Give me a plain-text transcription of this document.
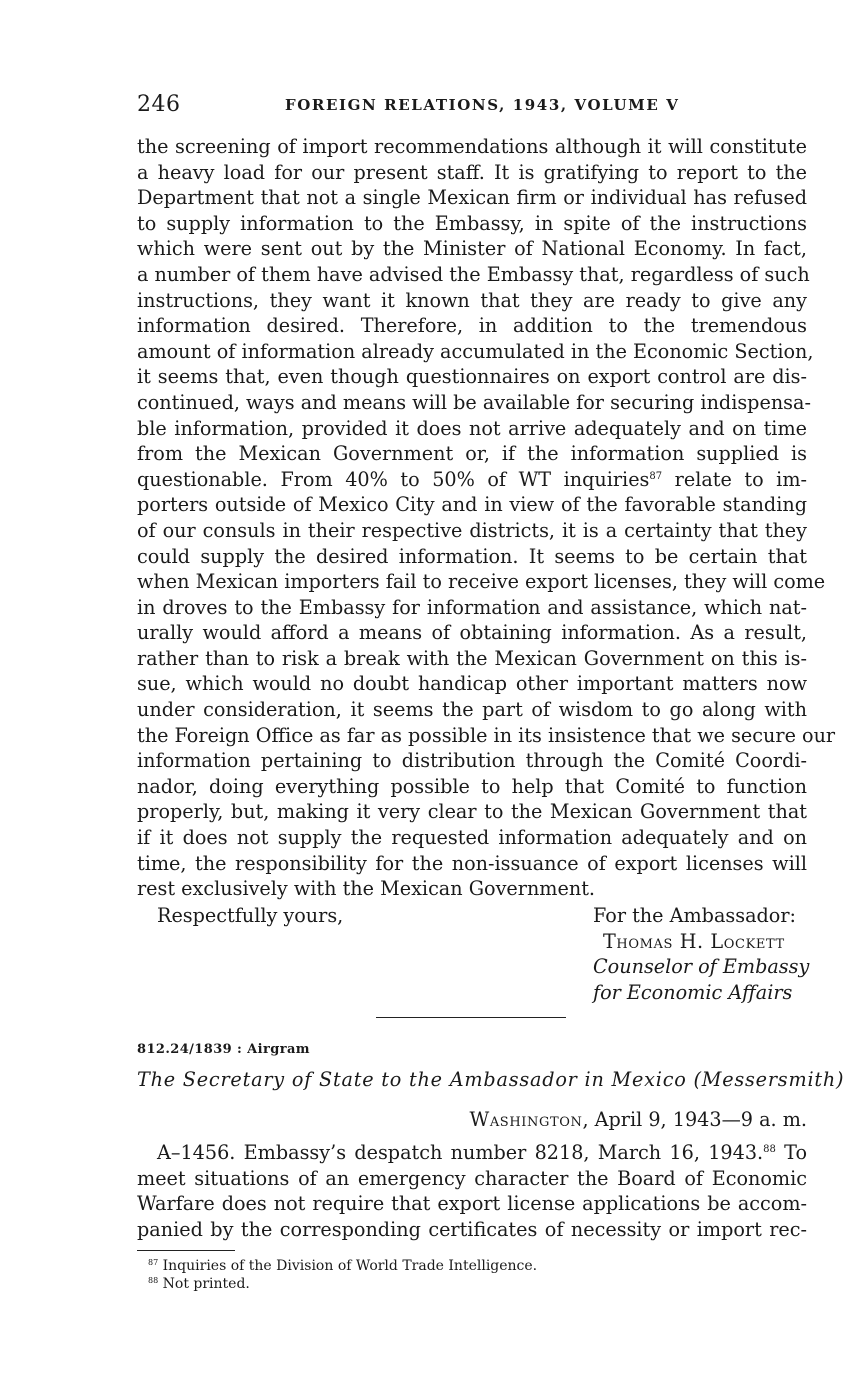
246	FOREIGN RELATIONS, 1943, VOLUME V
the screening of import recommendations although it will constitute
a heavy load for our present staff. It is gratifying to report to the
Department that not a single Mexican firm or individual has refused
to supply information to the Embassy, in spite of the instructions
which were sent out by the Minister of National Economy. In fact,
a number of them have advised the Embassy that, regardless of such
instructions, they want it known that they are ready to give any
information desired. Therefore, in addition to the tremendous
amount of information already accumulated in the Economic Section,
it seems that, even though questionnaires on export control are dis-
continued, ways and means will be available for securing indispensa-
ble information, provided it does not arrive adequately and on time
from the Mexican Government or, if the information supplied is
questionable. From 40% to 50% of WT inquiries$^{87}$ relate to im-
porters outside of Mexico City and in view of the favorable standing
of our consuls in their respective districts, it is a certainty that they
could supply the desired information. It seems to be certain that
when Mexican importers fail to receive export licenses, they will come
in droves to the Embassy for information and assistance, which nat-
urally would afford a means of obtaining information. As a result,
rather than to risk a break with the Mexican Government on this is-
sue, which would no doubt handicap other important matters now
under consideration, it seems the part of wisdom to go along with
the Foreign Office as far as possible in its insistence that we secure our
information pertaining to distribution through the Comité Coordi-
nador, doing everything possible to help that Comité to function
properly, but, making it very clear to the Mexican Government that
if it does not supply the requested information adequately and on
time, the responsibility for the non-issuance of export licenses will
rest exclusively with the Mexican Government.
Respectfully yours,	For the Ambassador:
Thomas H. Lockett
Counselor of Embassy
for Economic Affairs
812.24/1839 : Airgram
The Secretary of State to the Ambassador in Mexico (Messersmith)
Washington, April 9, 1943—9 a. m.
A–1456. Embassy’s despatch number 8218, March 16, 1943.88 To
meet situations of an emergency character the Board of Economic
Warfare does not require that export license applications be accom-
panied by the corresponding certificates of necessity or import rec-
$^{87}$ Inquiries of the Division of World Trade Intelligence.
$^{88}$ Not printed.
